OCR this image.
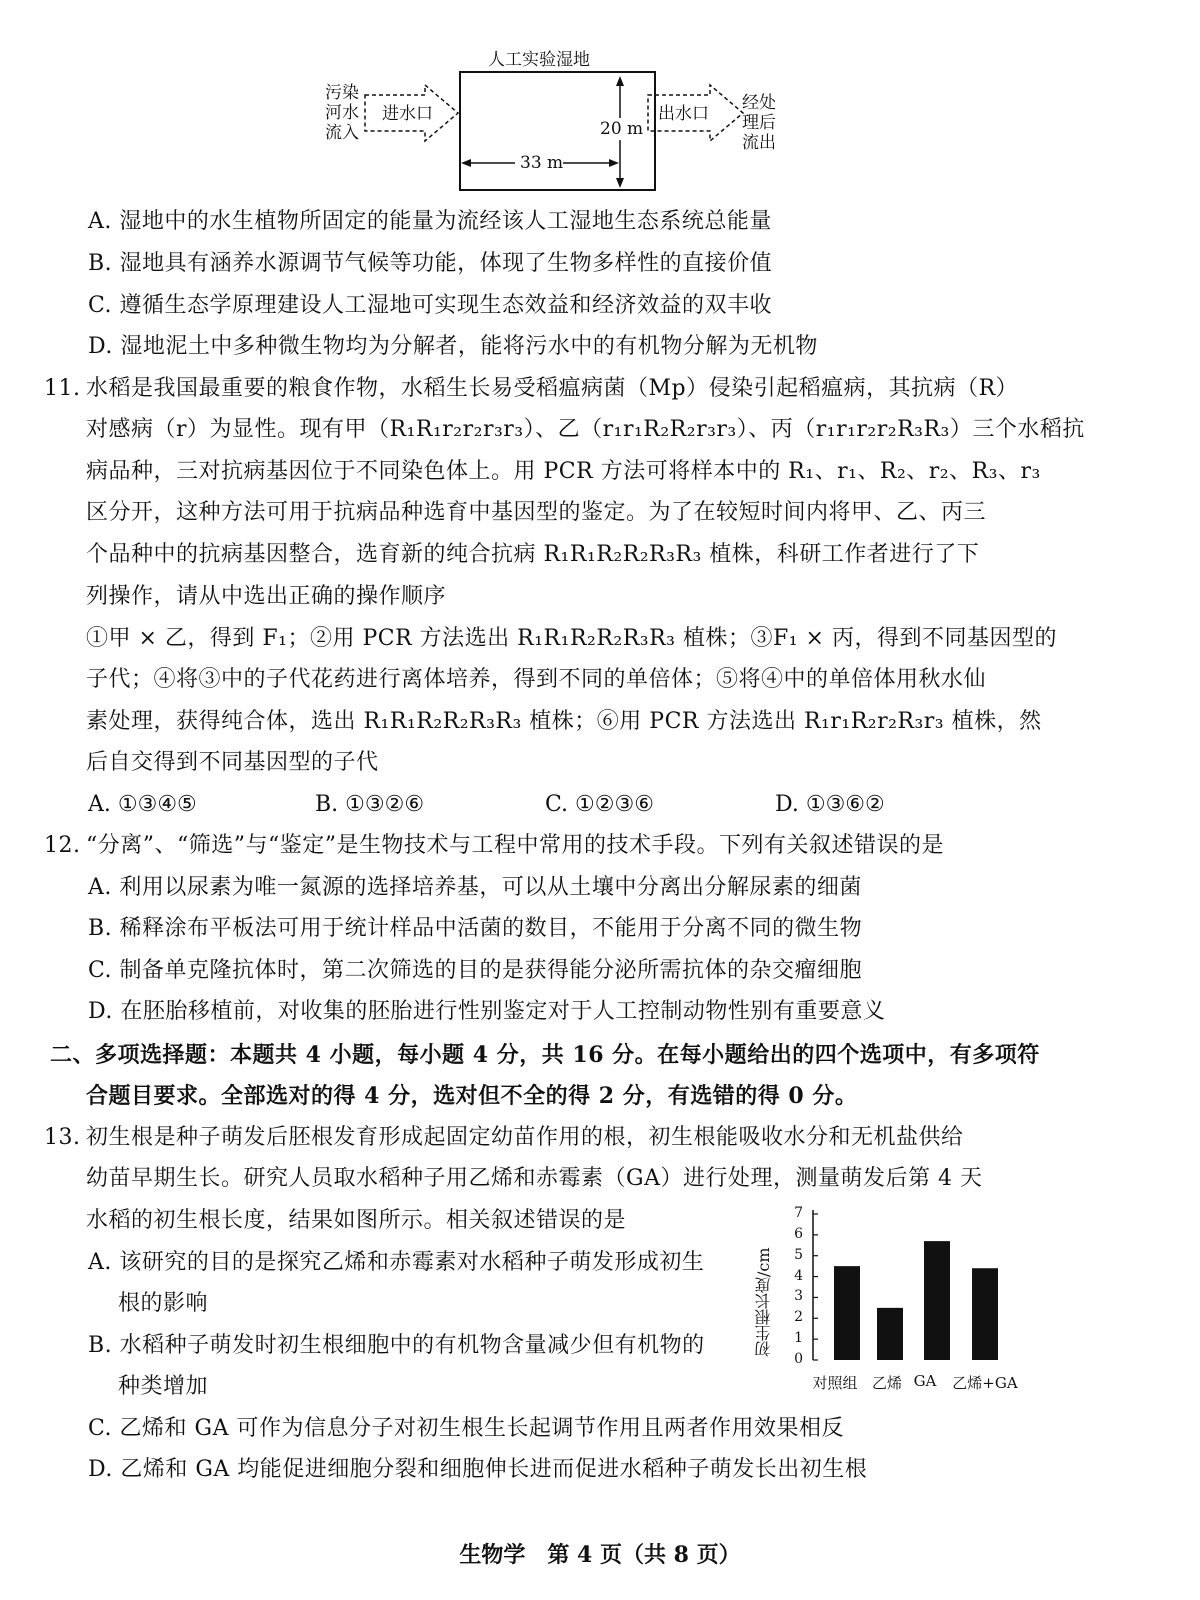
人工实验湿地
污染
河水
流入
进水口	出水口
经处
理后
流出
20 m
33 m
A. 湿地中的水生植物所固定的能量为流经该人工湿地生态系统总能量
B. 湿地具有涵养水源调节气候等功能，体现了生物多样性的直接价值
C. 遵循生态学原理建设人工湿地可实现生态效益和经济效益的双丰收
D. 湿地泥土中多种微生物均为分解者，能将污水中的有机物分解为无机物
11. 水稻是我国最重要的粮食作物，水稻生长易受稻瘟病菌（Mp）侵染引起稻瘟病，其抗病（R）
对感病（r）为显性。现有甲（R₁R₁r₂r₂r₃r₃）、乙（r₁r₁R₂R₂r₃r₃）、丙（r₁r₁r₂r₂R₃R₃）三个水稻抗
病品种，三对抗病基因位于不同染色体上。用 PCR 方法可将样本中的 R₁、r₁、R₂、r₂、R₃、r₃
区分开，这种方法可用于抗病品种选育中基因型的鉴定。为了在较短时间内将甲、乙、丙三
个品种中的抗病基因整合，选育新的纯合抗病 R₁R₁R₂R₂R₃R₃ 植株，科研工作者进行了下
列操作，请从中选出正确的操作顺序
①甲 × 乙，得到 F₁；②用 PCR 方法选出 R₁R₁R₂R₂R₃R₃ 植株；③F₁ × 丙，得到不同基因型的
子代；④将③中的子代花药进行离体培养，得到不同的单倍体；⑤将④中的单倍体用秋水仙
素处理，获得纯合体，选出 R₁R₁R₂R₂R₃R₃ 植株；⑥用 PCR 方法选出 R₁r₁R₂r₂R₃r₃ 植株，然
后自交得到不同基因型的子代
A. ①③④⑤	B. ①③②⑥	C. ①②③⑥	D. ①③⑥②
12. “分离”、“筛选”与“鉴定”是生物技术与工程中常用的技术手段。下列有关叙述错误的是
A. 利用以尿素为唯一氮源的选择培养基，可以从土壤中分离出分解尿素的细菌
B. 稀释涂布平板法可用于统计样品中活菌的数目，不能用于分离不同的微生物
C. 制备单克隆抗体时，第二次筛选的目的是获得能分泌所需抗体的杂交瘤细胞
D. 在胚胎移植前，对收集的胚胎进行性别鉴定对于人工控制动物性别有重要意义
二、多项选择题：本题共 4 小题，每小题 4 分，共 16 分。在每小题给出的四个选项中，有多项符
合题目要求。全部选对的得 4 分，选对但不全的得 2 分，有选错的得 0 分。
13. 初生根是种子萌发后胚根发育形成起固定幼苗作用的根，初生根能吸收水分和无机盐供给
幼苗早期生长。研究人员取水稻种子用乙烯和赤霉素（GA）进行处理，测量萌发后第 4 天
水稻的初生根长度，结果如图所示。相关叙述错误的是
A. 该研究的目的是探究乙烯和赤霉素对水稻种子萌发形成初生
根的影响
B. 水稻种子萌发时初生根细胞中的有机物含量减少但有机物的
种类增加
C. 乙烯和 GA 可作为信息分子对初生根生长起调节作用且两者作用效果相反
D. 乙烯和 GA 均能促进细胞分裂和细胞伸长进而促进水稻种子萌发长出初生根
初生根长度/cm
0
1
2
3
4
5
6
7
对照组 乙烯 GA	乙烯+GA
生物学　第 4 页（共 8 页）
